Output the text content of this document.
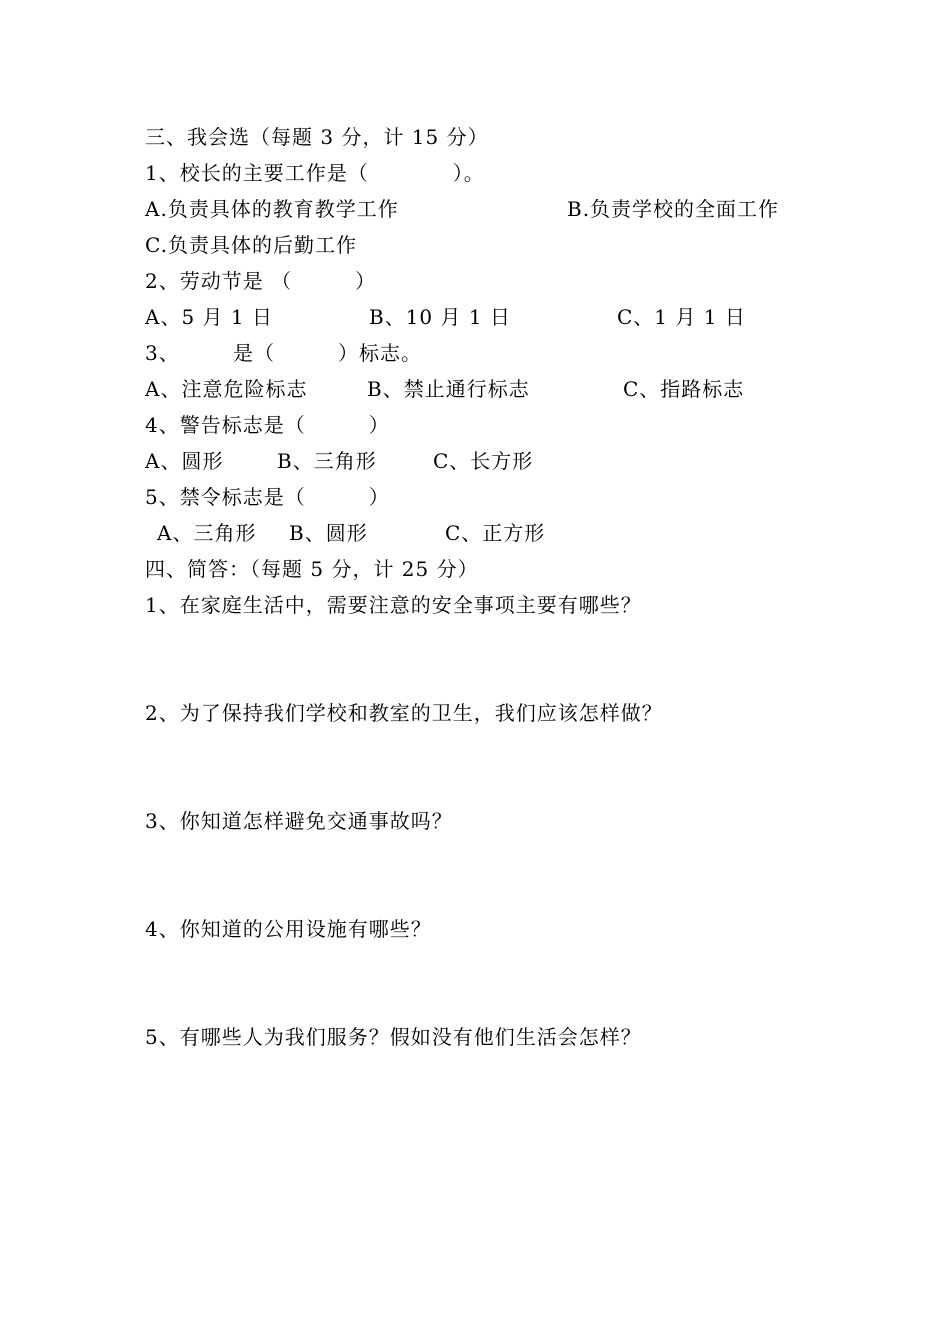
三、我会选（每题 3 分，计 15 分）
1、校长的主要工作是（　　　　）。
A.负责具体的教育教学工作	B.负责学校的全面工作
C.负责具体的后勤工作
2、劳动节是 （　　　）
A、5 月 1 日	B、10 月 1 日	C、1 月 1 日
3、	是（　　　）标志。
A、注意危险标志	B、禁止通行标志	C、指路标志
4、警告标志是（　　　）
A、圆形	B、三角形	C、长方形
5、禁令标志是（　　　）
A、三角形 B、圆形	C、正方形
四、简答：（每题 5 分，计 25 分）
1、在家庭生活中，需要注意的安全事项主要有哪些？
2、为了保持我们学校和教室的卫生，我们应该怎样做？
3、你知道怎样避免交通事故吗？
4、你知道的公用设施有哪些？
5、有哪些人为我们服务？假如没有他们生活会怎样？
